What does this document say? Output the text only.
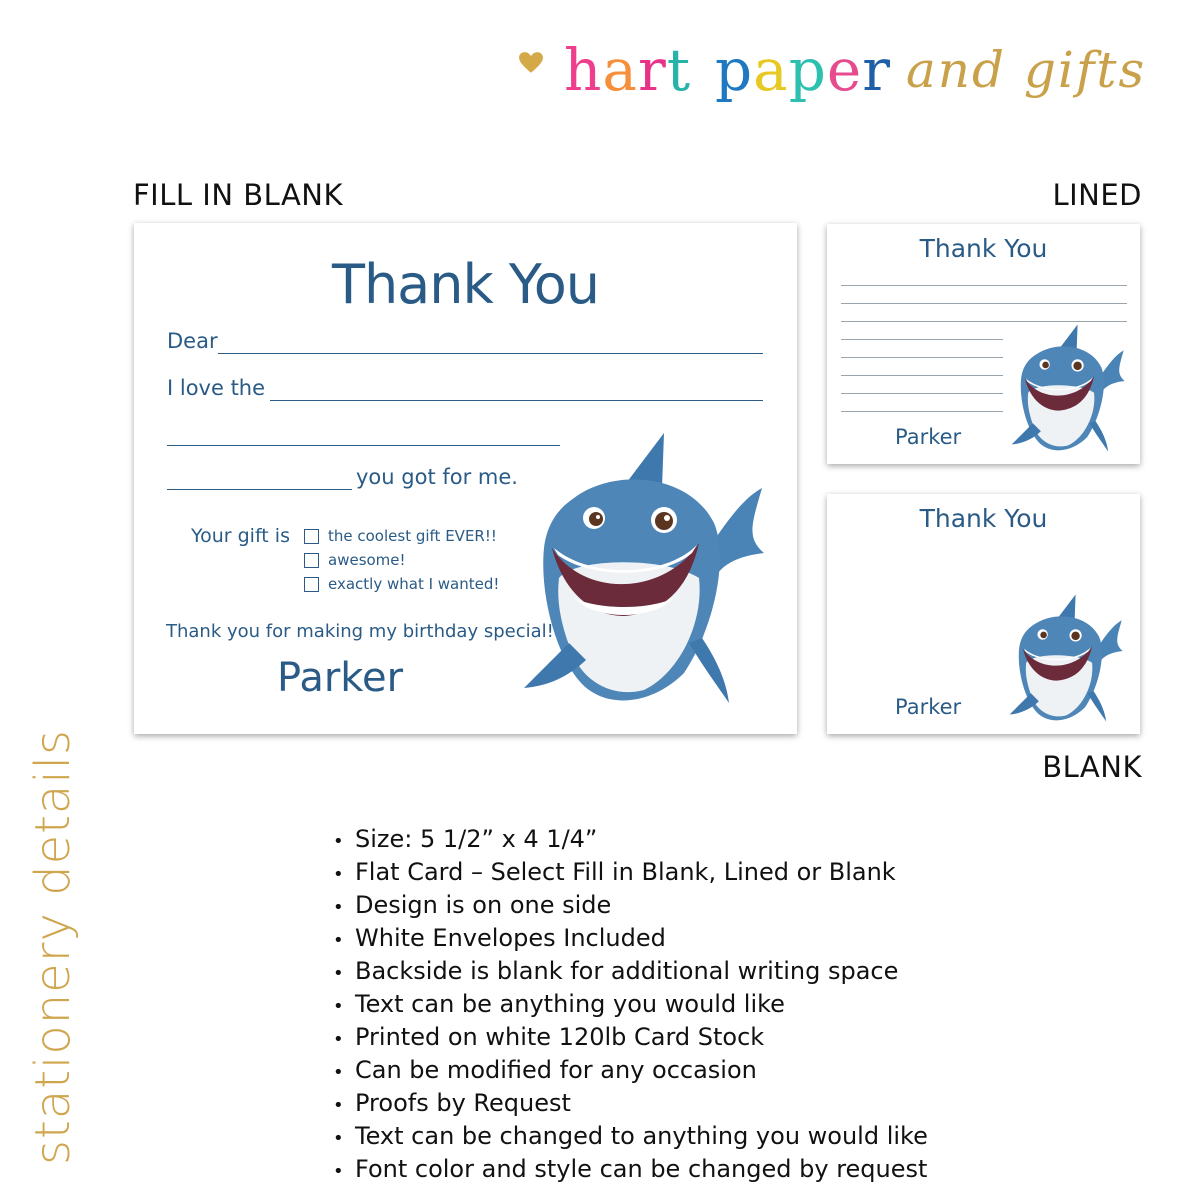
hart paper and gifts
FILL IN BLANK	LINED
BLANK
stationery details
Thank You
Dear
I love the
you got for me.
Your gift is	the coolest gift EVER!!
awesome!
exactly what I wanted!
Thank you for making my birthday special!
Parker
Thank You
Parker
Thank You
Parker
• Size: 5 1/2” x 4 1/4”
• Flat Card – Select Fill in Blank, Lined or Blank
• Design is on one side
• White Envelopes Included
• Backside is blank for additional writing space
• Text can be anything you would like
• Printed on white 120lb Card Stock
• Can be modified for any occasion
• Proofs by Request
• Text can be changed to anything you would like
• Font color and style can be changed by request
